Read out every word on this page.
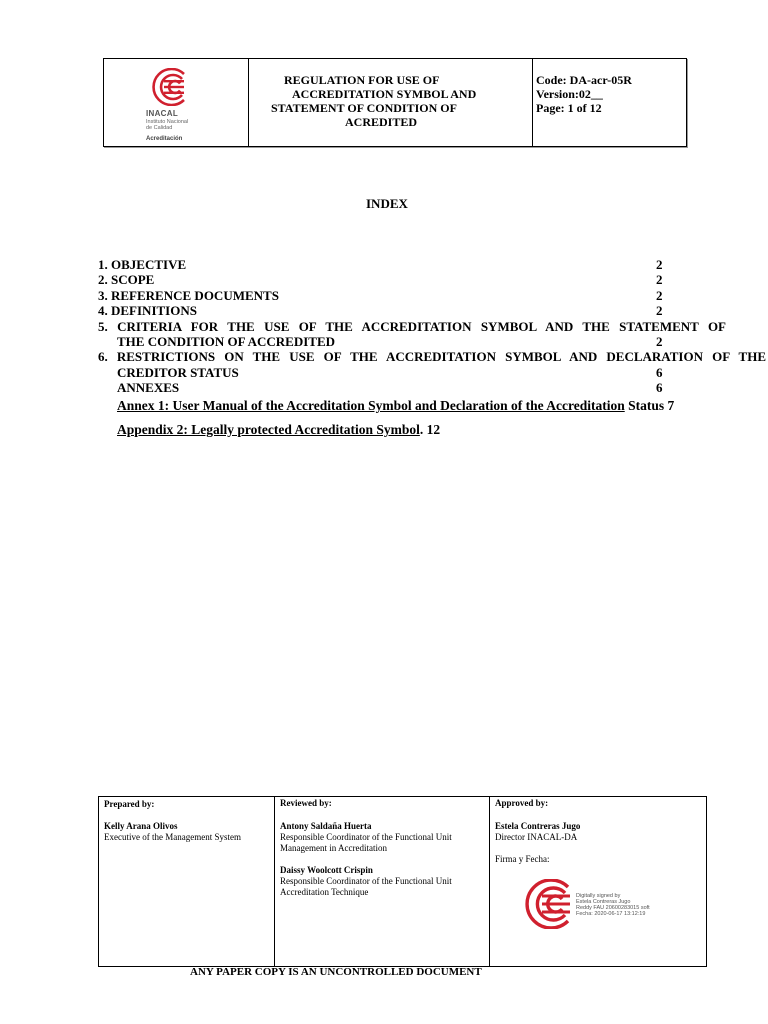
INACAL
Instituto Nacional
de Calidad
Acreditación
REGULATION FOR USE OF
ACCREDITATION SYMBOL AND
STATEMENT OF CONDITION OF
ACREDITED
Code: DA-acr-05R
Version:02__
Page: 1 of 12
INDEX
1. OBJECTIVE	2
2. SCOPE	2
3. REFERENCE DOCUMENTS	2
4. DEFINITIONS	2
5. CRITERIA FOR THE USE OF THE ACCREDITATION SYMBOL AND THE STATEMENT OF
THE CONDITION OF ACCREDITED	2
6. RESTRICTIONS ON THE USE OF THE ACCREDITATION SYMBOL AND DECLARATION OF THE
CREDITOR STATUS	6
ANNEXES	6
Annex 1: User Manual of the Accreditation Symbol and Declaration of the Accreditation Status 7
Appendix 2: Legally protected Accreditation Symbol. 12
Prepared by:
Kelly Arana Olivos
Executive of the Management System
Reviewed by:
Antony Saldaña Huerta
Responsible Coordinator of the Functional Unit
Management in Accreditation
Daissy Woolcott Crispin
Responsible Coordinator of the Functional Unit
Accreditation Technique
Approved by:
Estela Contreras Jugo
Director INACAL-DA
Firma y Fecha:
Digitally signed by
Estela Contreras Jugo
Reddy FAU 20600283015 soft
Fecha: 2020-06-17 13:12:19
ANY PAPER COPY IS AN UNCONTROLLED DOCUMENT
